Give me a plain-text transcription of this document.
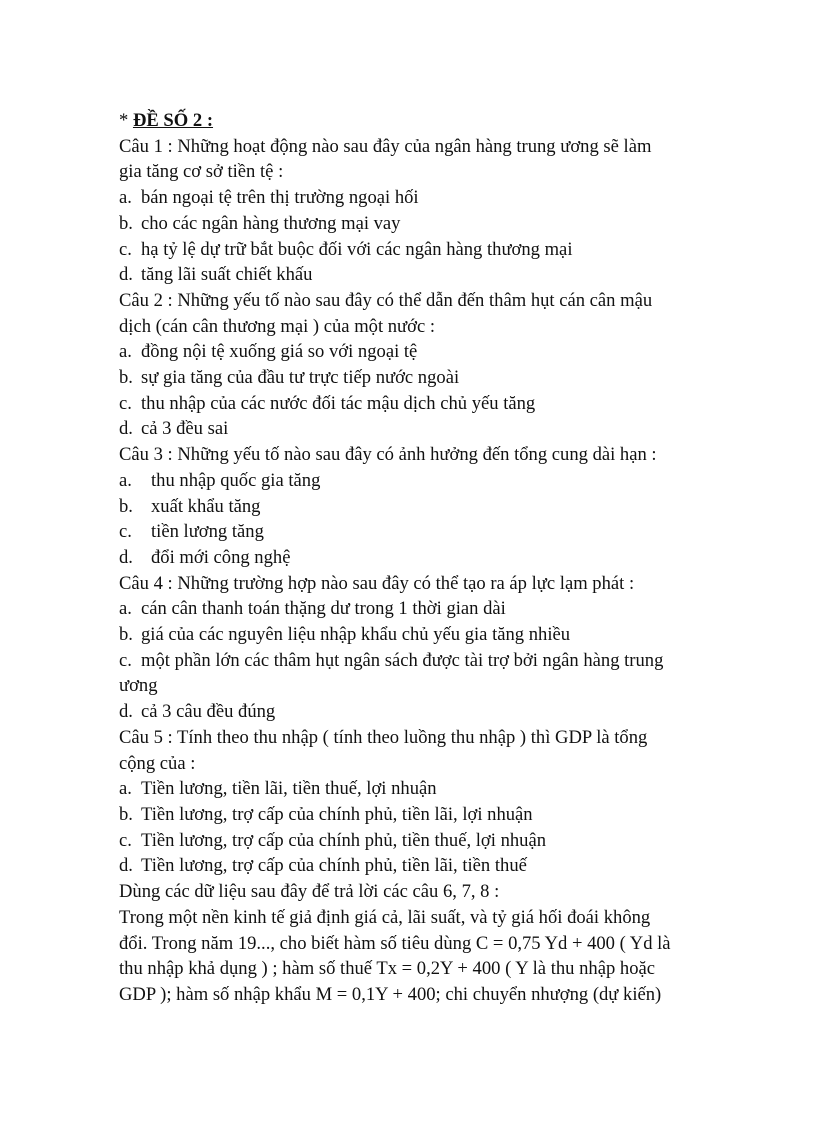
* ĐỀ SỐ 2 :
Câu 1 : Những hoạt động nào sau đây của ngân hàng trung ương sẽ làm
gia tăng cơ sở tiền tệ :
a. bán ngoại tệ trên thị trường ngoại hối
b. cho các ngân hàng thương mại vay
c. hạ tỷ lệ dự trữ bắt buộc đối với các ngân hàng thương mại
d. tăng lãi suất chiết khấu
Câu 2 : Những yếu tố nào sau đây có thể dẫn đến thâm hụt cán cân mậu
dịch (cán cân thương mại ) của một nước :
a. đồng nội tệ xuống giá so với ngoại tệ
b. sự gia tăng của đầu tư trực tiếp nước ngoài
c. thu nhập của các nước đối tác mậu dịch chủ yếu tăng
d. cả 3 đều sai
Câu 3 : Những yếu tố nào sau đây có ảnh hưởng đến tổng cung dài hạn :
a.	thu nhập quốc gia tăng
b. xuất khẩu tăng
c.	tiền lương tăng
d. đổi mới công nghệ
Câu 4 : Những trường hợp nào sau đây có thể tạo ra áp lực lạm phát :
a. cán cân thanh toán thặng dư trong 1 thời gian dài
b. giá của các nguyên liệu nhập khẩu chủ yếu gia tăng nhiều
c. một phần lớn các thâm hụt ngân sách được tài trợ bởi ngân hàng trung
ương
d. cả 3 câu đều đúng
Câu 5 : Tính theo thu nhập ( tính theo luồng thu nhập ) thì GDP là tổng
cộng của :
a. Tiền lương, tiền lãi, tiền thuế, lợi nhuận
b. Tiền lương, trợ cấp của chính phủ, tiền lãi, lợi nhuận
c. Tiền lương, trợ cấp của chính phủ, tiền thuế, lợi nhuận
d. Tiền lương, trợ cấp của chính phủ, tiền lãi, tiền thuế
Dùng các dữ liệu sau đây để trả lời các câu 6, 7, 8 :
Trong một nền kinh tế giả định giá cả, lãi suất, và tỷ giá hối đoái không
đổi. Trong năm 19..., cho biết hàm số tiêu dùng C = 0,75 Yd + 400 ( Yd là
thu nhập khả dụng ) ; hàm số thuế Tx = 0,2Y + 400 ( Y là thu nhập hoặc
GDP ); hàm số nhập khẩu M = 0,1Y + 400; chi chuyển nhượng (dự kiến)
